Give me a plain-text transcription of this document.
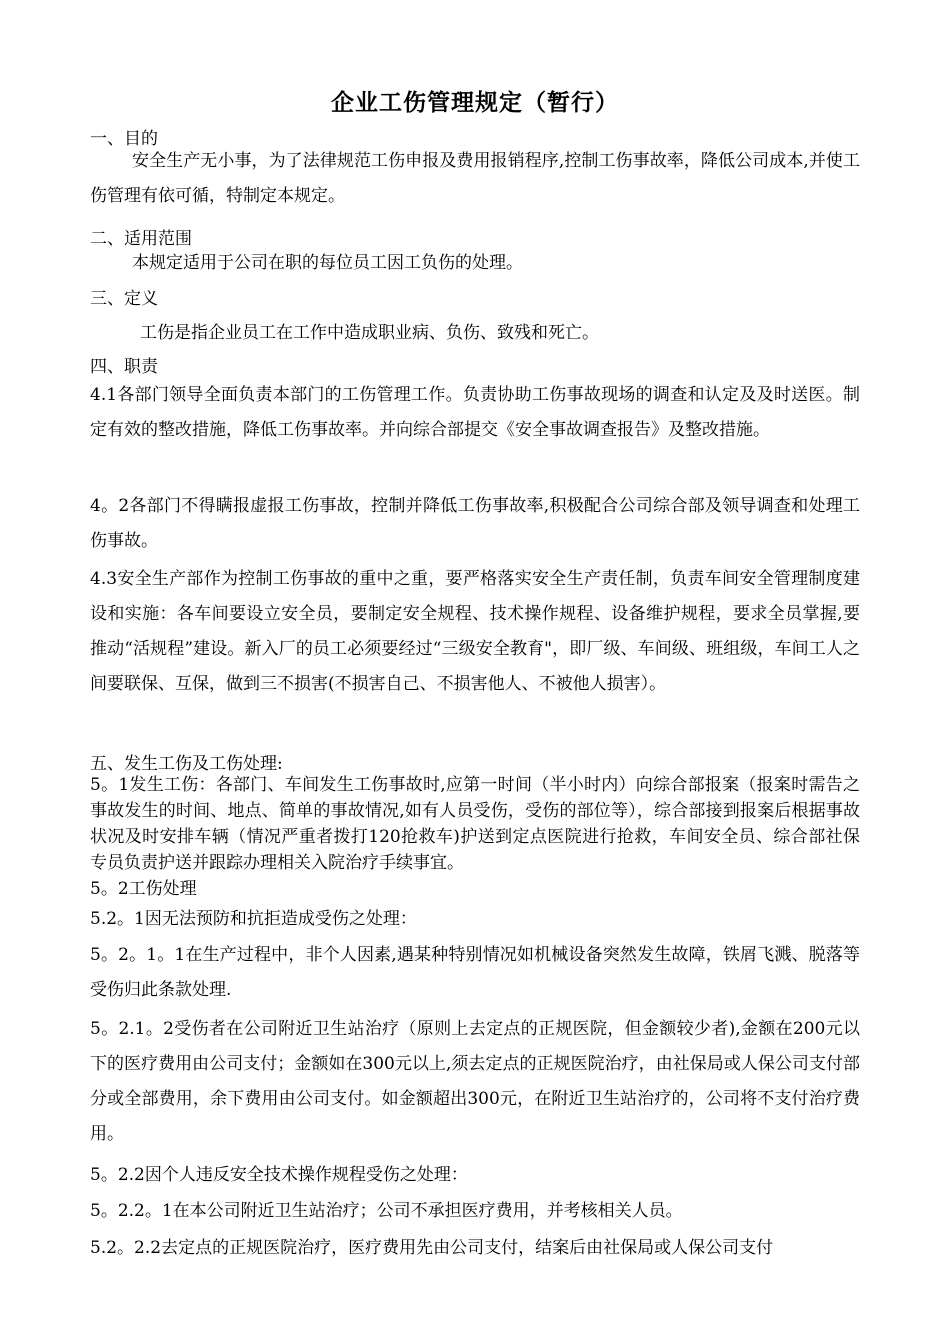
企业工伤管理规定（暂行）
一、目的

安全生产无小事，为了法律规范工伤申报及费用报销程序,控制工伤事故率，降低公司成本,并使工伤管理有依可循，特制定本规定。

二、适用范围

本规定适用于公司在职的每位员工因工负伤的处理。

三、定义

工伤是指企业员工在工作中造成职业病、负伤、致残和死亡。

四、职责

4.1各部门领导全面负责本部门的工伤管理工作。负责协助工伤事故现场的调查和认定及及时送医。制定有效的整改措施，降低工伤事故率。并向综合部提交《安全事故调查报告》及整改措施。

4。2各部门不得瞒报虚报工伤事故，控制并降低工伤事故率,积极配合公司综合部及领导调查和处理工伤事故。

4.3安全生产部作为控制工伤事故的重中之重，要严格落实安全生产责任制，负责车间安全管理制度建设和实施：各车间要设立安全员，要制定安全规程、技术操作规程、设备维护规程，要求全员掌握,要推动“活规程”建设。新入厂的员工必须要经过“三级安全教育"，即厂级、车间级、班组级，车间工人之间要联保、互保，做到三不损害(不损害自己、不损害他人、不被他人损害）。

五、发生工伤及工伤处理:

5。1发生工伤：各部门、车间发生工伤事故时,应第一时间（半小时内）向综合部报案（报案时需告之事故发生的时间、地点、简单的事故情况,如有人员受伤，受伤的部位等），综合部接到报案后根据事故状况及时安排车辆（情况严重者拨打120抢救车)护送到定点医院进行抢救，车间安全员、综合部社保专员负责护送并跟踪办理相关入院治疗手续事宜。

5。2工伤处理

5.2。1因无法预防和抗拒造成受伤之处理：

5。2。1。1在生产过程中，非个人因素,遇某种特别情况如机械设备突然发生故障，铁屑飞溅、脱落等受伤归此条款处理.

5。2.1。2受伤者在公司附近卫生站治疗（原则上去定点的正规医院，但金额较少者),金额在200元以下的医疗费用由公司支付；金额如在300元以上,须去定点的正规医院治疗，由社保局或人保公司支付部分或全部费用，余下费用由公司支付。如金额超出300元，在附近卫生站治疗的，公司将不支付治疗费用。

5。2.2因个人违反安全技术操作规程受伤之处理：

5。2.2。1在本公司附近卫生站治疗；公司不承担医疗费用，并考核相关人员。

5.2。2.2去定点的正规医院治疗，医疗费用先由公司支付，结案后由社保局或人保公司支付
